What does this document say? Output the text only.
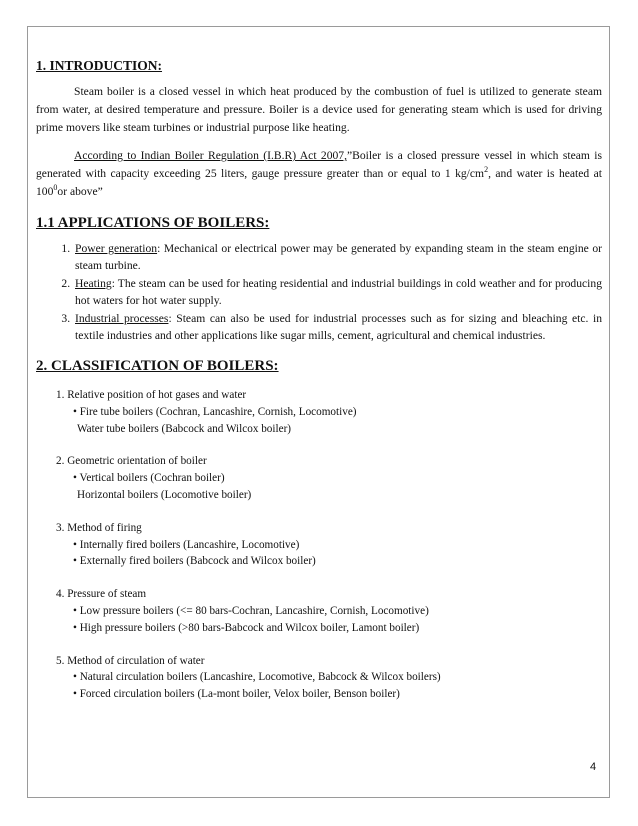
1. INTRODUCTION:

Steam boiler is a closed vessel in which heat produced by the combustion of fuel is utilized to generate steam from water, at desired temperature and pressure. Boiler is a device used for generating steam which is used for driving prime movers like steam turbines or industrial purpose like heating.

According to Indian Boiler Regulation (I.B.R) Act 2007,”Boiler is a closed pressure vessel in which steam is generated with capacity exceeding 25 liters, gauge pressure greater than or equal to 1 $kg/cm^2$, and water is heated at $100^0or$ above”

1.1 APPLICATIONS OF BOILERS:
1. Power generation: Mechanical or electrical power may be generated by expanding steam in the steam engine or steam turbine.
2. Heating: The steam can be used for heating residential and industrial buildings in cold weather and for producing hot waters for hot water supply.
3. Industrial processes: Steam can also be used for industrial processes such as for sizing and bleaching etc. in textile industries and other applications like sugar mills, cement, agricultural and chemical industries.
2. CLASSIFICATION OF BOILERS:
1. Relative position of hot gases and water
• Fire tube boilers (Cochran, Lancashire, Cornish, Locomotive)
Water tube boilers (Babcock and Wilcox boiler)
2. Geometric orientation of boiler
• Vertical boilers (Cochran boiler)
Horizontal boilers (Locomotive boiler)
3. Method of firing
• Internally fired boilers (Lancashire, Locomotive)
• Externally fired boilers (Babcock and Wilcox boiler)
4. Pressure of steam
• Low pressure boilers (<= 80 bars-Cochran, Lancashire, Cornish, Locomotive)
• High pressure boilers (>80 bars-Babcock and Wilcox boiler, Lamont boiler)
5. Method of circulation of water
• Natural circulation boilers (Lancashire, Locomotive, Babcock & Wilcox boilers)
• Forced circulation boilers (La-mont boiler, Velox boiler, Benson boiler)
4
